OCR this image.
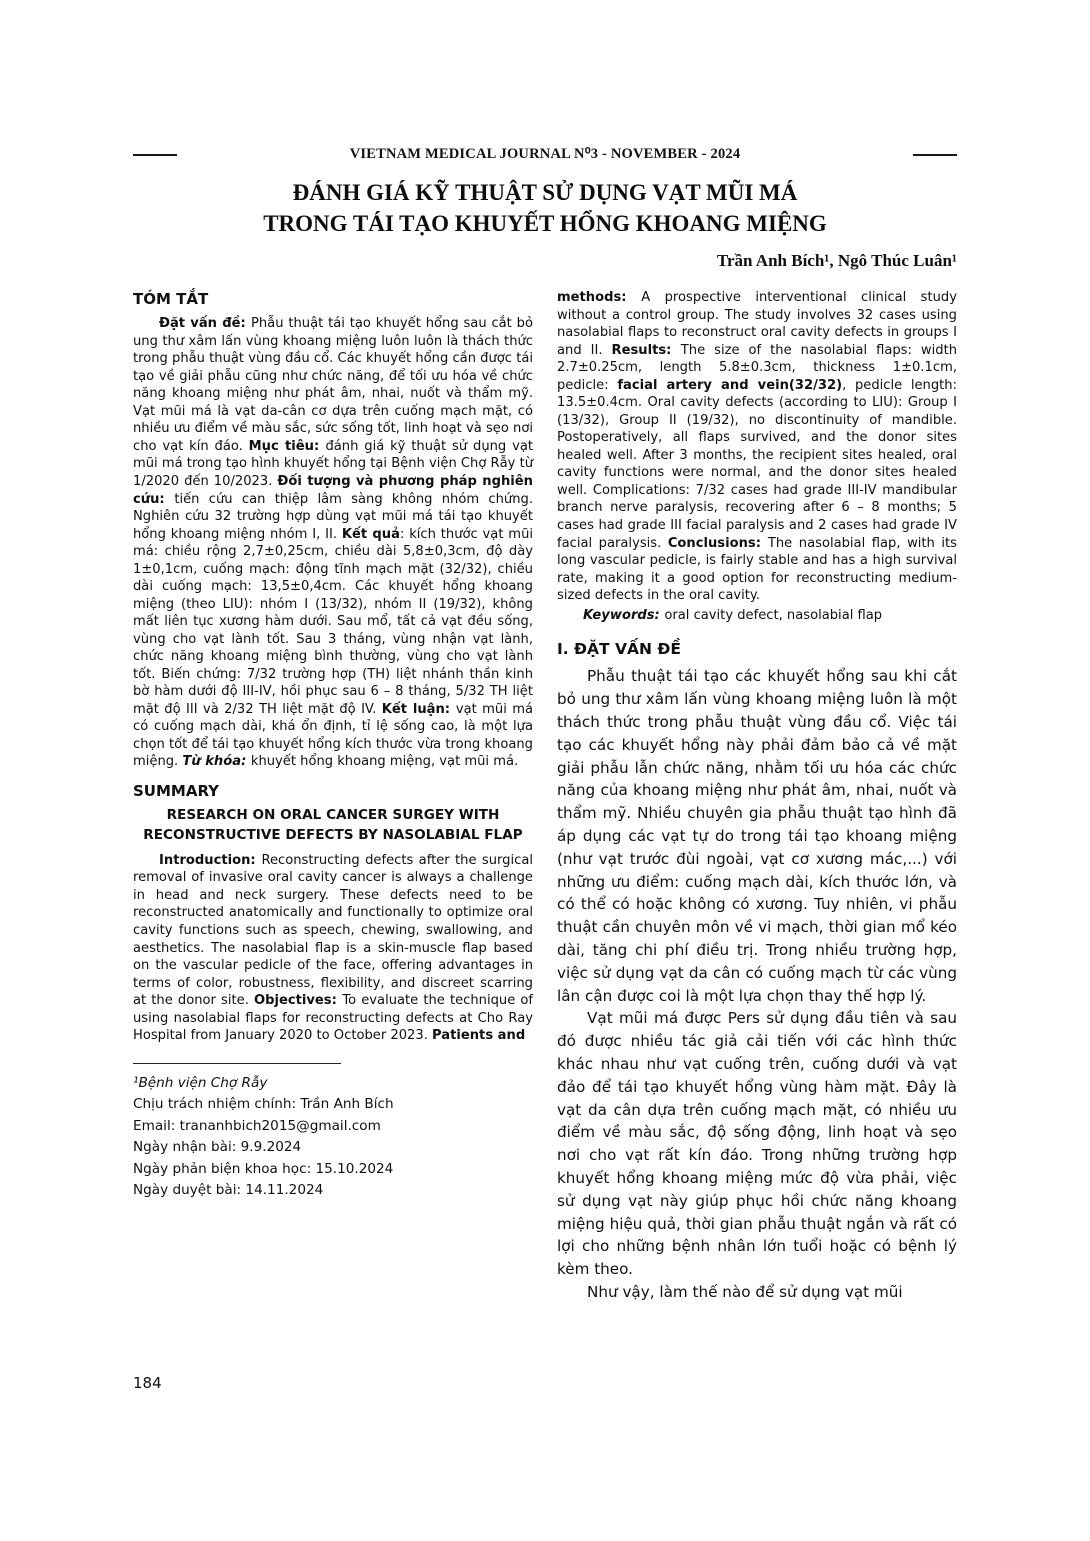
VIETNAM MEDICAL JOURNAL N⁰3 - NOVEMBER - 2024
ĐÁNH GIÁ KỸ THUẬT SỬ DỤNG VẠT MŨI MÁ
TRONG TÁI TẠO KHUYẾT HỔNG KHOANG MIỆNG
Trần Anh Bích¹, Ngô Thúc Luân¹
TÓM TẮT

Đặt vấn đề: Phẫu thuật tái tạo khuyết hổng sau cắt bỏ ung thư xâm lấn vùng khoang miệng luôn luôn là thách thức trong phẫu thuật vùng đầu cổ. Các khuyết hổng cần được tái tạo về giải phẫu cũng như chức năng, để tối ưu hóa về chức năng khoang miệng như phát âm, nhai, nuốt và thẩm mỹ. Vạt mũi má là vạt da-cân cơ dựa trên cuống mạch mặt, có nhiều ưu điểm về màu sắc, sức sống tốt, linh hoạt và sẹo nơi cho vạt kín đáo. Mục tiêu: đánh giá kỹ thuật sử dụng vạt mũi má trong tạo hình khuyết hổng tại Bệnh viện Chợ Rẫy từ 1/2020 đến 10/2023. Đối tượng và phương pháp nghiên cứu: tiến cứu can thiệp lâm sàng không nhóm chứng. Nghiên cứu 32 trường hợp dùng vạt mũi má tái tạo khuyết hổng khoang miệng nhóm I, II. Kết quả: kích thước vạt mũi má: chiều rộng 2,7±0,25cm, chiều dài 5,8±0,3cm, độ dày 1±0,1cm, cuống mạch: động tĩnh mạch mặt (32/32), chiều dài cuống mạch: 13,5±0,4cm. Các khuyết hổng khoang miệng (theo LIU): nhóm I (13/32), nhóm II (19/32), không mất liên tục xương hàm dưới. Sau mổ, tất cả vạt đều sống, vùng cho vạt lành tốt. Sau 3 tháng, vùng nhận vạt lành, chức năng khoang miệng bình thường, vùng cho vạt lành tốt. Biến chứng: 7/32 trường hợp (TH) liệt nhánh thần kinh bờ hàm dưới độ III-IV, hồi phục sau 6 – 8 tháng, 5/32 TH liệt mặt độ III và 2/32 TH liệt mặt độ IV. Kết luận: vạt mũi má có cuống mạch dài, khá ổn định, tỉ lệ sống cao, là một lựa chọn tốt để tái tạo khuyết hổng kích thước vừa trong khoang miệng. Từ khóa: khuyết hổng khoang miệng, vạt mũi má.

SUMMARY
RESEARCH ON ORAL CANCER SURGEY WITH RECONSTRUCTIVE DEFECTS BY NASOLABIAL FLAP

Introduction: Reconstructing defects after the surgical removal of invasive oral cavity cancer is always a challenge in head and neck surgery. These defects need to be reconstructed anatomically and functionally to optimize oral cavity functions such as speech, chewing, swallowing, and aesthetics. The nasolabial flap is a skin-muscle flap based on the vascular pedicle of the face, offering advantages in terms of color, robustness, flexibility, and discreet scarring at the donor site. Objectives: To evaluate the technique of using nasolabial flaps for reconstructing defects at Cho Ray Hospital from January 2020 to October 2023. Patients and

¹Bệnh viện Chợ Rẫy
Chịu trách nhiệm chính: Trần Anh Bích
Email: trananhbich2015@gmail.com
Ngày nhận bài: 9.9.2024
Ngày phản biện khoa học: 15.10.2024
Ngày duyệt bài: 14.11.2024

methods: A prospective interventional clinical study without a control group. The study involves 32 cases using nasolabial flaps to reconstruct oral cavity defects in groups I and II. Results: The size of the nasolabial flaps: width 2.7±0.25cm, length 5.8±0.3cm, thickness 1±0.1cm, pedicle: facial artery and vein(32/32), pedicle length: 13.5±0.4cm. Oral cavity defects (according to LIU): Group I (13/32), Group II (19/32), no discontinuity of mandible. Postoperatively, all flaps survived, and the donor sites healed well. After 3 months, the recipient sites healed, oral cavity functions were normal, and the donor sites healed well. Complications: 7/32 cases had grade III-IV mandibular branch nerve paralysis, recovering after 6 – 8 months; 5 cases had grade III facial paralysis and 2 cases had grade IV facial paralysis. Conclusions: The nasolabial flap, with its long vascular pedicle, is fairly stable and has a high survival rate, making it a good option for reconstructing medium-sized defects in the oral cavity.

Keywords: oral cavity defect, nasolabial flap

I. ĐẶT VẤN ĐỀ

Phẫu thuật tái tạo các khuyết hổng sau khi cắt bỏ ung thư xâm lấn vùng khoang miệng luôn là một thách thức trong phẫu thuật vùng đầu cổ. Việc tái tạo các khuyết hổng này phải đảm bảo cả về mặt giải phẫu lẫn chức năng, nhằm tối ưu hóa các chức năng của khoang miệng như phát âm, nhai, nuốt và thẩm mỹ. Nhiều chuyên gia phẫu thuật tạo hình đã áp dụng các vạt tự do trong tái tạo khoang miệng (như vạt trước đùi ngoài, vạt cơ xương mác,...) với những ưu điểm: cuống mạch dài, kích thước lớn, và có thể có hoặc không có xương. Tuy nhiên, vi phẫu thuật cần chuyên môn về vi mạch, thời gian mổ kéo dài, tăng chi phí điều trị. Trong nhiều trường hợp, việc sử dụng vạt da cân có cuống mạch từ các vùng lân cận được coi là một lựa chọn thay thế hợp lý.

Vạt mũi má được Pers sử dụng đầu tiên và sau đó được nhiều tác giả cải tiến với các hình thức khác nhau như vạt cuống trên, cuống dưới và vạt đảo để tái tạo khuyết hổng vùng hàm mặt. Đây là vạt da cân dựa trên cuống mạch mặt, có nhiều ưu điểm về màu sắc, độ sống động, linh hoạt và sẹo nơi cho vạt rất kín đáo. Trong những trường hợp khuyết hổng khoang miệng mức độ vừa phải, việc sử dụng vạt này giúp phục hồi chức năng khoang miệng hiệu quả, thời gian phẫu thuật ngắn và rất có lợi cho những bệnh nhân lớn tuổi hoặc có bệnh lý kèm theo.

Như vậy, làm thế nào để sử dụng vạt mũi

184
